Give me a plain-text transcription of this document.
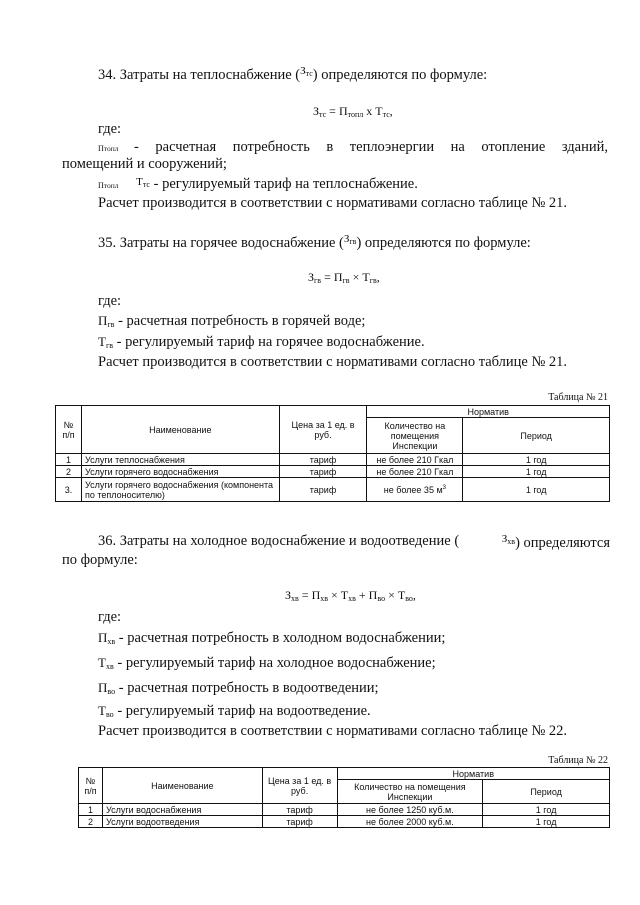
34. Затраты на теплоснабжение ($^{З_{тс}}$) определяются по формуле:
$З_{тс} = П_{топл}$ x $Т_{тс}$,
где:
Птопл	- расчетная потребность в теплоэнергии на отопление зданий,
помещений и сооружений;
Птопл $^{Т_{тс}}$ - регулируемый тариф на теплоснабжение.
Расчет производится в соответствии с нормативами согласно таблице № 21.
35. Затраты на горячее водоснабжение ($^{З_{гв}}$) определяются по формуле:
$З_{гв} = П_{гв} \times Т_{гв}$,
где:
$П_{гв}$ - расчетная потребность в горячей воде;
$Т_{гв}$ - регулируемый тариф на горячее водоснабжение.
Расчет производится в соответствии с нормативами согласно таблице № 21.
Таблица № 21
№ п/п	Наименование	Цена за 1 ед. в руб.	Норматив	
			Количество на помещения Инспекции	Период
1	Услуги теплоснабжения	тариф	не более 210 Гкал	1 год
2	Услуги горячего водоснабжения	тариф	не более 210 Гкал	1 год
3.	Услуги горячего водоснабжения (компонента по теплоносителю)	тариф	не более 35 $м^3$	1 год
36. Затраты на холодное водоснабжение и водоотведение (	$^{З_{хв}}$) определяются
по формуле:
$З_{хв} = П_{хв} \times Т_{хв} + П_{во} \times Т_{во}$,
где:
$П_{хв}$ - расчетная потребность в холодном водоснабжении;
$Т_{хв}$ - регулируемый тариф на холодное водоснабжение;
$П_{во}$ - расчетная потребность в водоотведении;
$Т_{во}$ - регулируемый тариф на водоотведение.
Расчет производится в соответствии с нормативами согласно таблице № 22.
Таблица № 22
№ п/п	Наименование	Цена за 1 ед. в руб.	Норматив	
			Количество на помещения Инспекции	Период
1	Услуги водоснабжения	тариф	не более 1250 куб.м.	1 год
2	Услуги водоотведения	тариф	не более 2000 куб.м.	1 год
